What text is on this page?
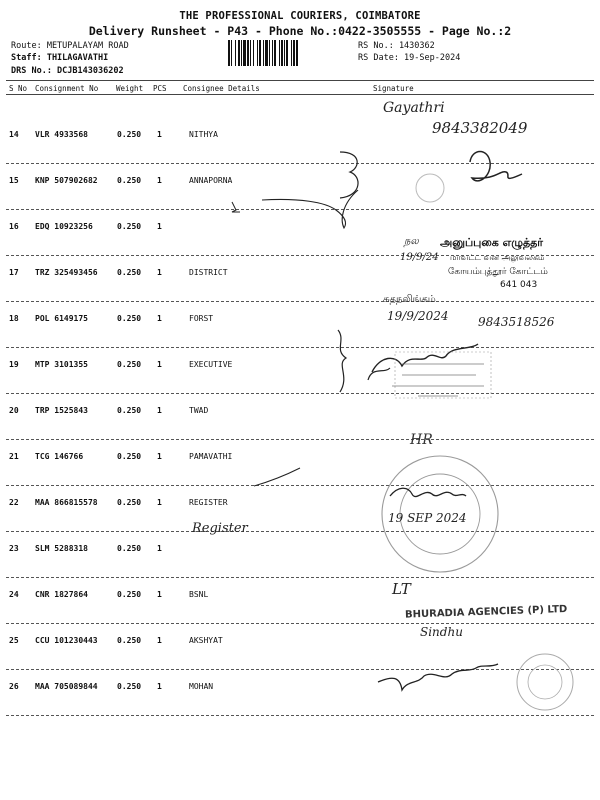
THE PROFESSIONAL COURIERS, COIMBATORE
Delivery Runsheet - P43 - Phone No.:0422-3505555 - Page No.:2
Route: METUPALAYAM ROAD
Staff: THILAGAVATHI
DRS No.: DCJB143036202
RS No.: 1430362
RS Date: 19-Sep-2024
S No Consignment No Weight PCS Consignee Details	Signature
14 VLR 4933568	0.250 1	NITHYA
15 KNP 507902682 0.250 1	ANNAPORNA
16 EDQ 10923256	0.250 1
17 TRZ 325493456 0.250 1	DISTRICT
18 POL 6149175	0.250 1	FORST
19 MTP 3101355	0.250 1	EXECUTIVE
20 TRP 1525843	0.250 1	TWAD
21 TCG 146766	0.250 1	PAMAVATHI
22 MAA 866815578 0.250 1	REGISTER
23 SLM 5288318	0.250 1
24 CNR 1827864	0.250 1	BSNL
25 CCU 101230443 0.250 1	AKSHYAT
26 MAA 705089844 0.250 1	MOHAN
Gayathri
9843382049
நல
19/9/24
அனுப்புகை எழுத்தர்
மாவட்ட வன அலுவலகம்
கோயம்புத்தூர் கோட்டம்
641 043
சுதநலிங்கம்
19/9/2024 9843518526
HR
Register
19 SEP 2024
LT
BHURADIA AGENCIES (P) LTD
Sindhu
